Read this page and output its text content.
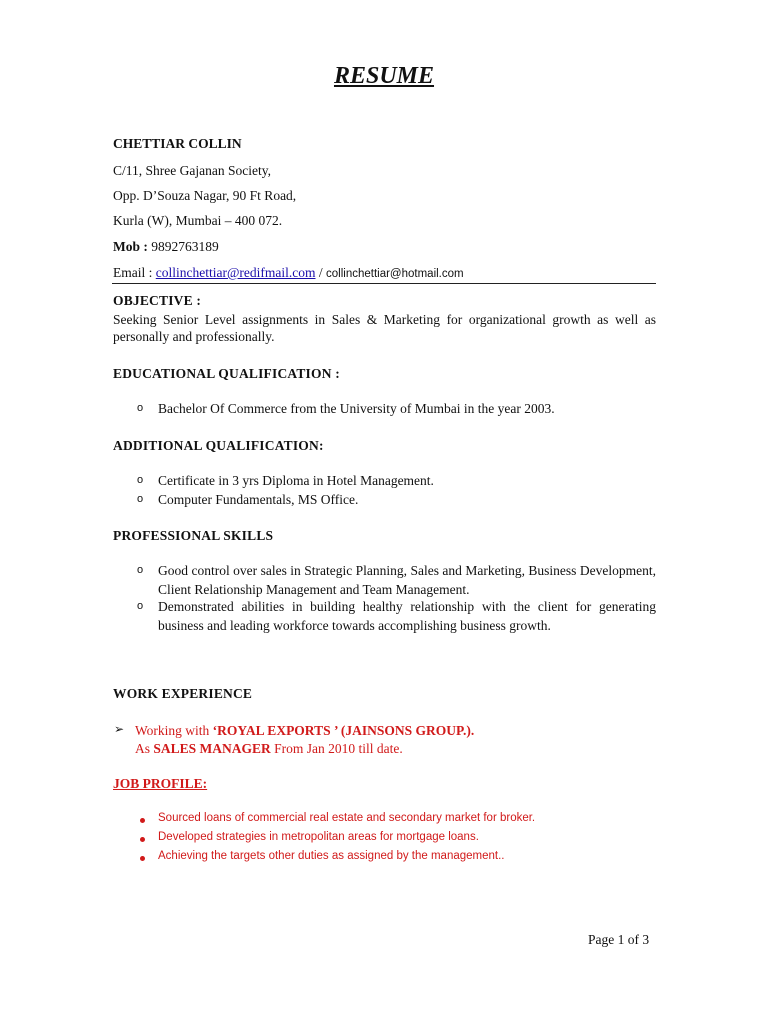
RESUME
CHETTIAR COLLIN
C/11, Shree Gajanan Society,
Opp. D’Souza Nagar, 90 Ft Road,
Kurla (W), Mumbai – 400 072.
Mob : 9892763189
Email : collinchettiar@redifmail.com / collinchettiar@hotmail.com
OBJECTIVE :
Seeking Senior Level assignments in Sales & Marketing for organizational growth as well as personally and professionally.
EDUCATIONAL QUALIFICATION :
o Bachelor Of Commerce from the University of Mumbai in the year 2003.
ADDITIONAL QUALIFICATION:
o Certificate in 3 yrs Diploma in Hotel Management.
o Computer Fundamentals, MS Office.
PROFESSIONAL SKILLS
o Good control over sales in Strategic Planning, Sales and Marketing, Business Development, Client Relationship Management and Team Management.
o Demonstrated abilities in building healthy relationship with the client for generating business and leading workforce towards accomplishing business growth.
WORK EXPERIENCE
➢ Working with ‘ROYAL EXPORTS ’ (JAINSONS GROUP.).
As SALES MANAGER From Jan 2010 till date.
JOB PROFILE:
Sourced loans of commercial real estate and secondary market for broker.
Developed strategies in metropolitan areas for mortgage loans.
Achieving the targets other duties as assigned by the management..
Page 1 of 3
